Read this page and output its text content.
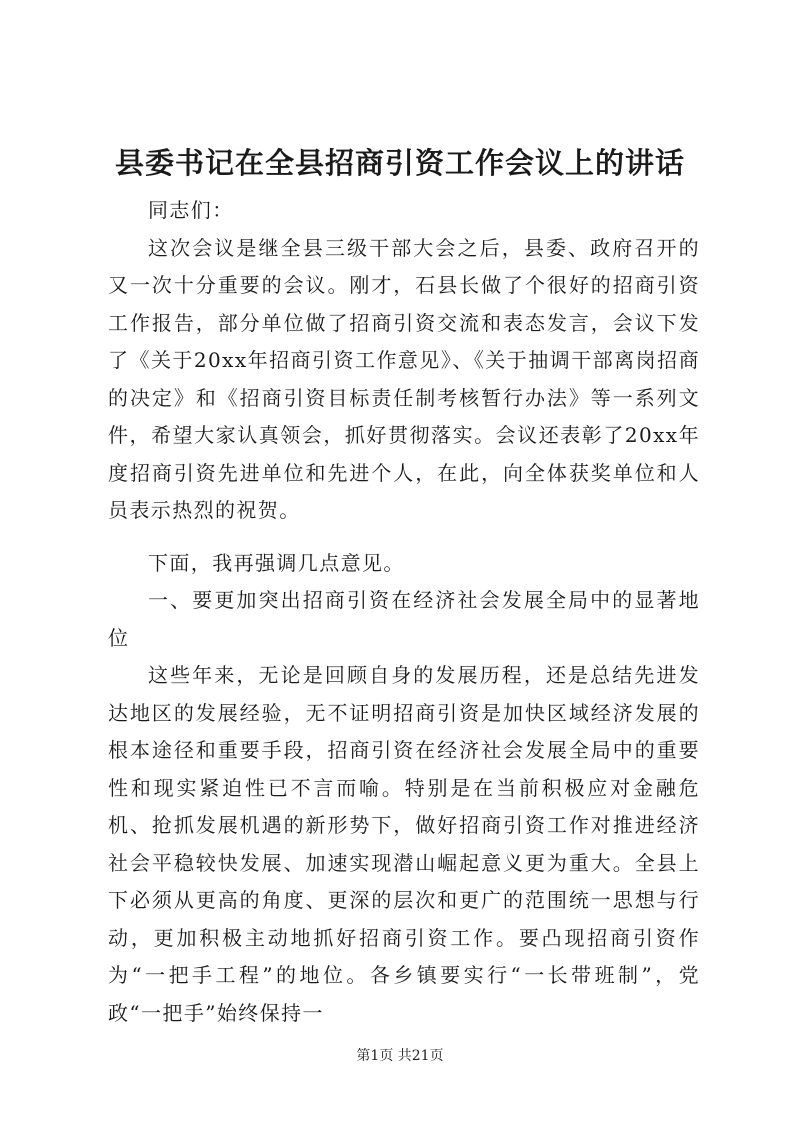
县委书记在全县招商引资工作会议上的讲话

同志们：

这次会议是继全县三级干部大会之后，县委、政府召开的又一次十分重要的会议。刚才，石县长做了个很好的招商引资工作报告，部分单位做了招商引资交流和表态发言，会议下发了《关于20xx年招商引资工作意见》、《关于抽调干部离岗招商的决定》和《招商引资目标责任制考核暂行办法》等一系列文件，希望大家认真领会，抓好贯彻落实。会议还表彰了20xx年度招商引资先进单位和先进个人，在此，向全体获奖单位和人员表示热烈的祝贺。

下面，我再强调几点意见。

一、要更加突出招商引资在经济社会发展全局中的显著地位

这些年来，无论是回顾自身的发展历程，还是总结先进发达地区的发展经验，无不证明招商引资是加快区域经济发展的根本途径和重要手段，招商引资在经济社会发展全局中的重要性和现实紧迫性已不言而喻。特别是在当前积极应对金融危机、抢抓发展机遇的新形势下，做好招商引资工作对推进经济社会平稳较快发展、加速实现潜山崛起意义更为重大。全县上下必须从更高的角度、更深的层次和更广的范围统一思想与行动，更加积极主动地抓好招商引资工作。要凸现招商引资作为“一把手工程”的地位。各乡镇要实行“一长带班制”，党政“一把手”始终保持一

第1页 共21页
